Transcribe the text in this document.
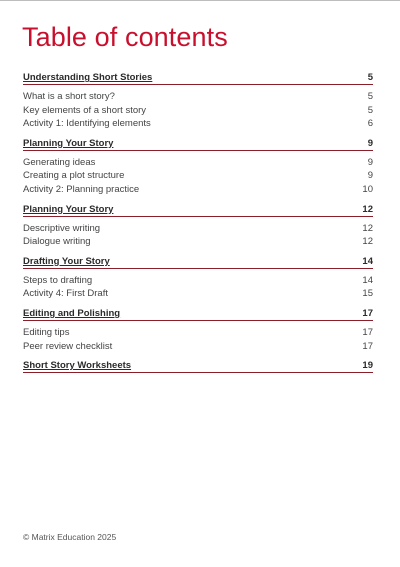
Table of contents
Understanding Short Stories	5
What is a short story?	5
Key elements of a short story	5
Activity 1: Identifying elements	6
Planning Your Story	9
Generating ideas	9
Creating a plot structure	9
Activity 2: Planning practice	10
Planning Your Story	12
Descriptive writing	12
Dialogue writing	12
Drafting Your Story	14
Steps to drafting	14
Activity 4: First Draft	15
Editing and Polishing	17
Editing tips	17
Peer review checklist	17
Short Story Worksheets	19
© Matrix Education 2025
